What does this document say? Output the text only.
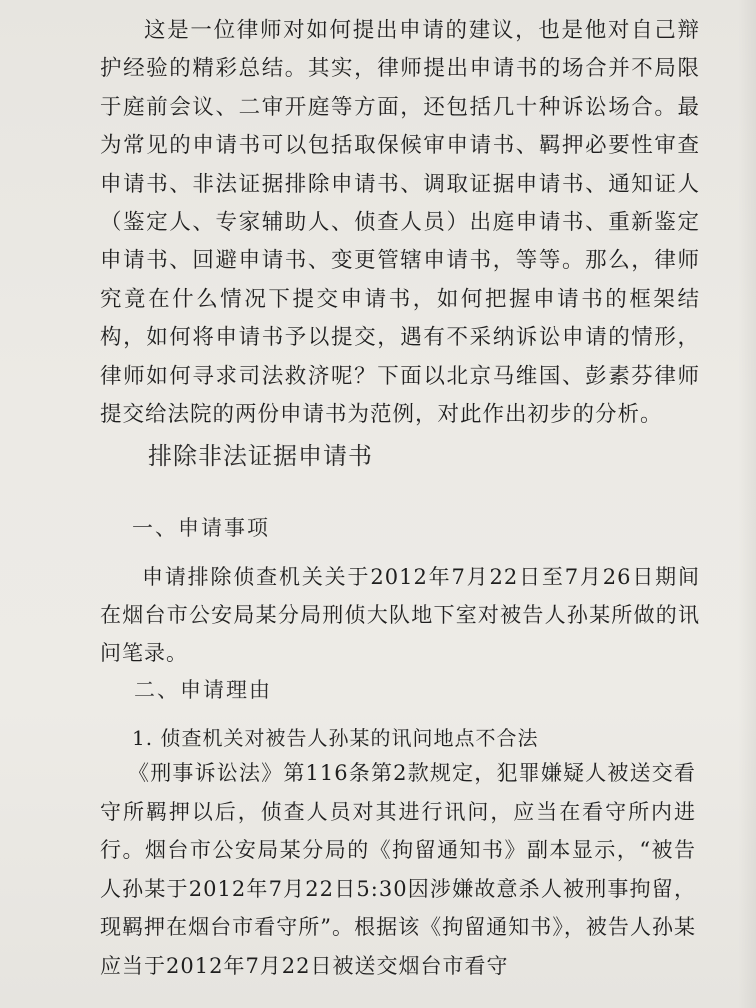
这是一位律师对如何提出申请的建议，也是他对自己辩护经验的精彩总结。其实，律师提出申请书的场合并不局限于庭前会议、二审开庭等方面，还包括几十种诉讼场合。最为常见的申请书可以包括取保候审申请书、羁押必要性审查申请书、非法证据排除申请书、调取证据申请书、通知证人（鉴定人、专家辅助人、侦查人员）出庭申请书、重新鉴定申请书、回避申请书、变更管辖申请书，等等。那么，律师究竟在什么情况下提交申请书，如何把握申请书的框架结构，如何将申请书予以提交，遇有不采纳诉讼申请的情形，律师如何寻求司法救济呢？下面以北京马维国、彭素芬律师提交给法院的两份申请书为范例，对此作出初步的分析。

排除非法证据申请书
一、申请事项

申请排除侦查机关关于2012年7月22日至7月26日期间在烟台市公安局某分局刑侦大队地下室对被告人孙某所做的讯问笔录。

二、申请理由

1. 侦查机关对被告人孙某的讯问地点不合法

《刑事诉讼法》第116条第2款规定，犯罪嫌疑人被送交看守所羁押以后，侦查人员对其进行讯问，应当在看守所内进行。烟台市公安局某分局的《拘留通知书》副本显示，“被告人孙某于2012年7月22日5:30因涉嫌故意杀人被刑事拘留，现羁押在烟台市看守所”。根据该《拘留通知书》，被告人孙某应当于2012年7月22日被送交烟台市看守
